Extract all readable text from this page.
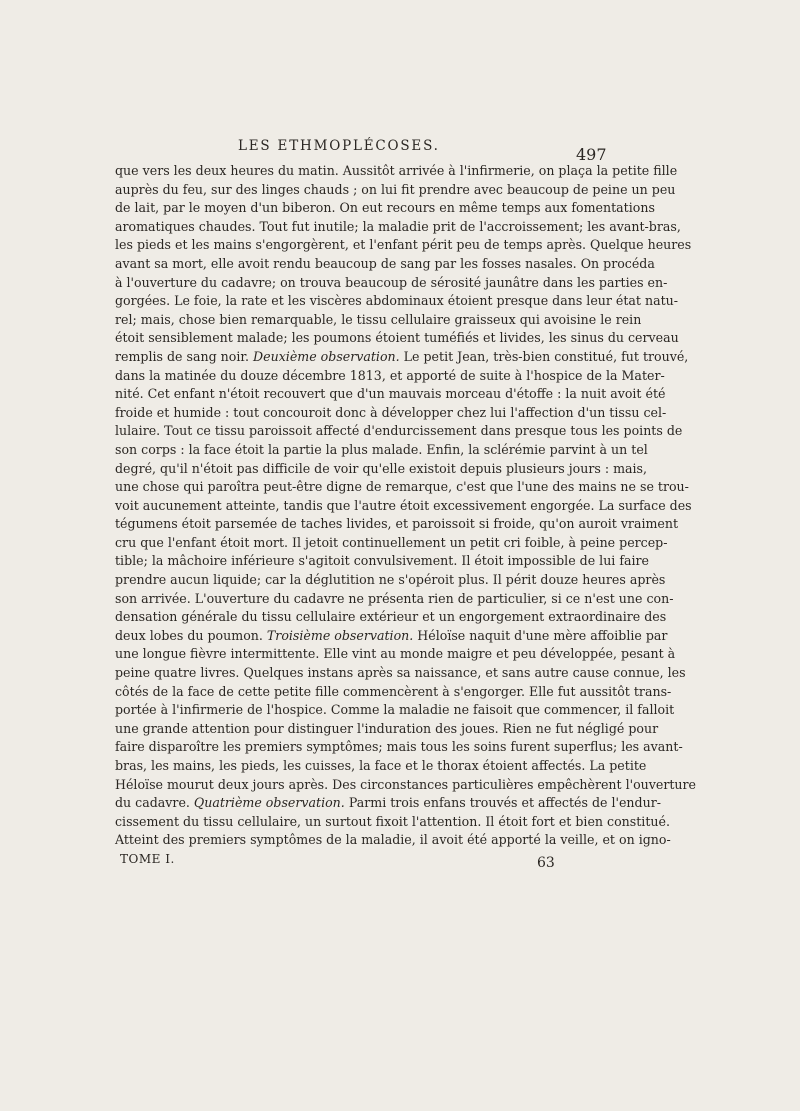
LES ETHMOPLÉCOSES.	497
que vers les deux heures du matin. Aussitôt arrivée à l'infirmerie, on plaça la petite fille
auprès du feu, sur des linges chauds ; on lui fit prendre avec beaucoup de peine un peu
de lait, par le moyen d'un biberon. On eut recours en même temps aux fomentations
aromatiques chaudes. Tout fut inutile; la maladie prit de l'accroissement; les avant-bras,
les pieds et les mains s'engorgèrent, et l'enfant périt peu de temps après. Quelque heures
avant sa mort, elle avoit rendu beaucoup de sang par les fosses nasales. On procéda
à l'ouverture du cadavre; on trouva beaucoup de sérosité jaunâtre dans les parties en-
gorgées. Le foie, la rate et les viscères abdominaux étoient presque dans leur état natu-
rel; mais, chose bien remarquable, le tissu cellulaire graisseux qui avoisine le rein
étoit sensiblement malade; les poumons étoient tuméfiés et livides, les sinus du cerveau
remplis de sang noir. Deuxième observation. Le petit Jean, très-bien constitué, fut trouvé,
dans la matinée du douze décembre 1813, et apporté de suite à l'hospice de la Mater-
nité. Cet enfant n'étoit recouvert que d'un mauvais morceau d'étoffe : la nuit avoit été
froide et humide : tout concouroit donc à développer chez lui l'affection d'un tissu cel-
lulaire. Tout ce tissu paroissoit affecté d'endurcissement dans presque tous les points de
son corps : la face étoit la partie la plus malade. Enfin, la sclérémie parvint à un tel
degré, qu'il n'étoit pas difficile de voir qu'elle existoit depuis plusieurs jours : mais,
une chose qui paroîtra peut-être digne de remarque, c'est que l'une des mains ne se trou-
voit aucunement atteinte, tandis que l'autre étoit excessivement engorgée. La surface des
tégumens étoit parsemée de taches livides, et paroissoit si froide, qu'on auroit vraiment
cru que l'enfant étoit mort. Il jetoit continuellement un petit cri foible, à peine percep-
tible; la mâchoire inférieure s'agitoit convulsivement. Il étoit impossible de lui faire
prendre aucun liquide; car la déglutition ne s'opéroit plus. Il périt douze heures après
son arrivée. L'ouverture du cadavre ne présenta rien de particulier, si ce n'est une con-
densation générale du tissu cellulaire extérieur et un engorgement extraordinaire des
deux lobes du poumon. Troisième observation. Héloïse naquit d'une mère affoiblie par
une longue fièvre intermittente. Elle vint au monde maigre et peu développée, pesant à
peine quatre livres. Quelques instans après sa naissance, et sans autre cause connue, les
côtés de la face de cette petite fille commencèrent à s'engorger. Elle fut aussitôt trans-
portée à l'infirmerie de l'hospice. Comme la maladie ne faisoit que commencer, il falloit
une grande attention pour distinguer l'induration des joues. Rien ne fut négligé pour
faire disparoître les premiers symptômes; mais tous les soins furent superflus; les avant-
bras, les mains, les pieds, les cuisses, la face et le thorax étoient affectés. La petite
Héloïse mourut deux jours après. Des circonstances particulières empêchèrent l'ouverture
du cadavre. Quatrième observation. Parmi trois enfans trouvés et affectés de l'endur-
cissement du tissu cellulaire, un surtout fixoit l'attention. Il étoit fort et bien constitué.
Atteint des premiers symptômes de la maladie, il avoit été apporté la veille, et on igno-
TOME I.	63
